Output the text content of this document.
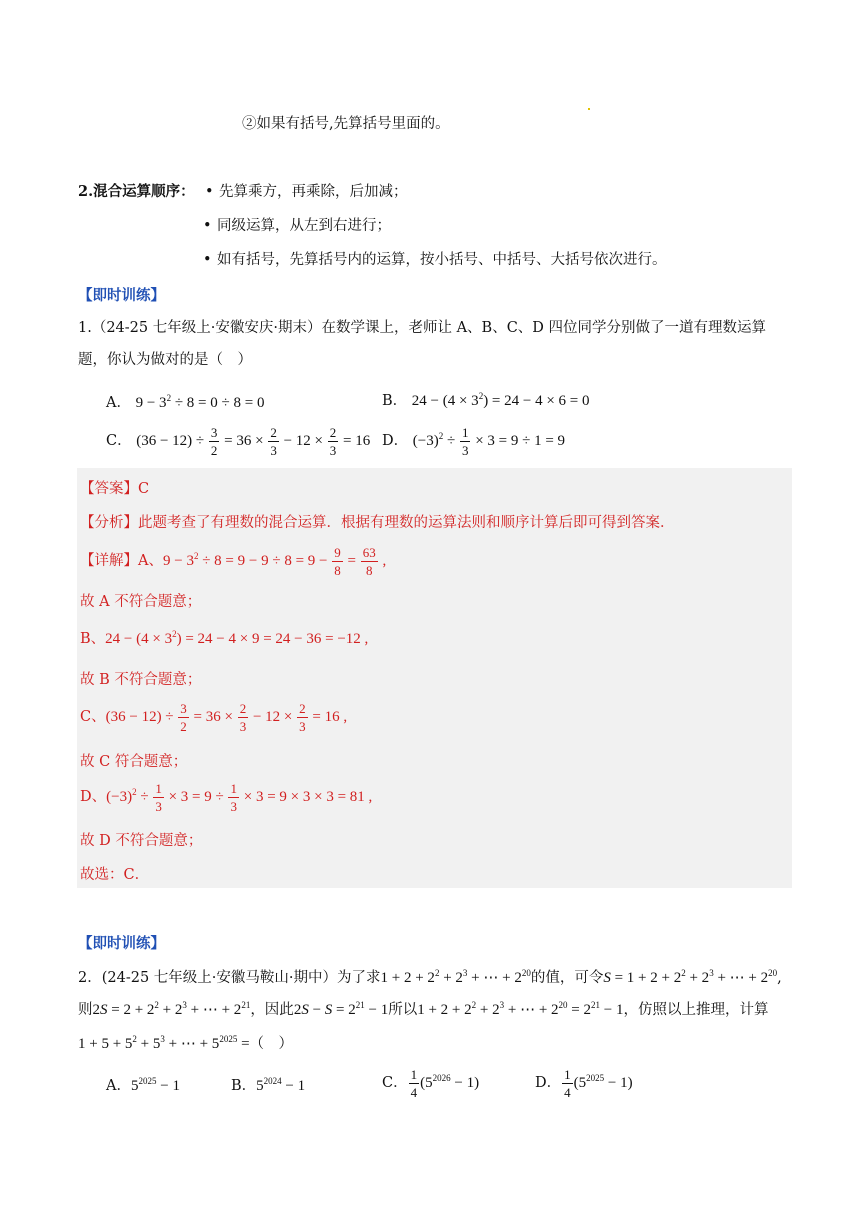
②如果有括号,先算括号里面的。
2.混合运算顺序： • 先算乘方，再乘除，后加减；
• 同级运算，从左到右进行；
• 如有括号，先算括号内的运算，按小括号、中括号、大括号依次进行。
【即时训练】
1.（24-25 七年级上·安徽安庆·期末）在数学课上，老师让 A、B、C、D 四位同学分别做了一道有理数运算
题，你认为做对的是（　）
A． $9 - 3^2 \div 8 = 0 \div 8 = 0$	B． $24 - (4 \times 3^2) = 24 - 4 \times 6 = 0$
C． $(36 - 12) \div \frac{3}{2} = 36 \times \frac{2}{3} - 12 \times \frac{2}{3} = 16$ D． $(-3)^2 \div \frac{1}{3} \times 3 = 9 \div 1 = 9$
【答案】C
【分析】此题考查了有理数的混合运算．根据有理数的运算法则和顺序计算后即可得到答案．
【详解】A、$9 - 3^2 \div 8 = 9 - 9 \div 8 = 9 - \frac{9}{8} = \frac{63}{8}$ ,
故 A 不符合题意；
B、$24 - (4 \times 3^2) = 24 - 4 \times 9 = 24 - 36 = -12$ ,
故 B 不符合题意；
C、$(36 - 12) \div \frac{3}{2} = 36 \times \frac{2}{3} - 12 \times \frac{2}{3} = 16$ ,
故 C 符合题意；
D、$(-3)^2 \div \frac{1}{3} \times 3 = 9 \div \frac{1}{3} \times 3 = 9 \times 3 \times 3 = 81$ ,
故 D 不符合题意；
故选：C．
【即时训练】
2．(24-25 七年级上·安徽马鞍山·期中）为了求$1 + 2 + 2^2 + 2^3$ + ⋯ + $2^{20}$的值，可令$S = 1 + 2 + 2^2 + 2^3$ + ⋯ + $2^{20}$,
则$2S = 2 + 2^2 + 2^3$ + ⋯ + $2^{21}$，因此$2S - S = 2^{21} - 1$所以$1 + 2 + 2^2 + 2^3$ + ⋯ + $2^{20} = 2^{21} - 1$，仿照以上推理，计算
$1 + 5 + 5^2 + 5^3$ + ⋯ + $5^{2025}$ =（　）
A．$5^{2025} - 1$	B．$5^{2024} - 1$	C． $\frac{1}{4} (5^{2026} - 1)$	D． $\frac{1}{4} (5^{2025} - 1)$
